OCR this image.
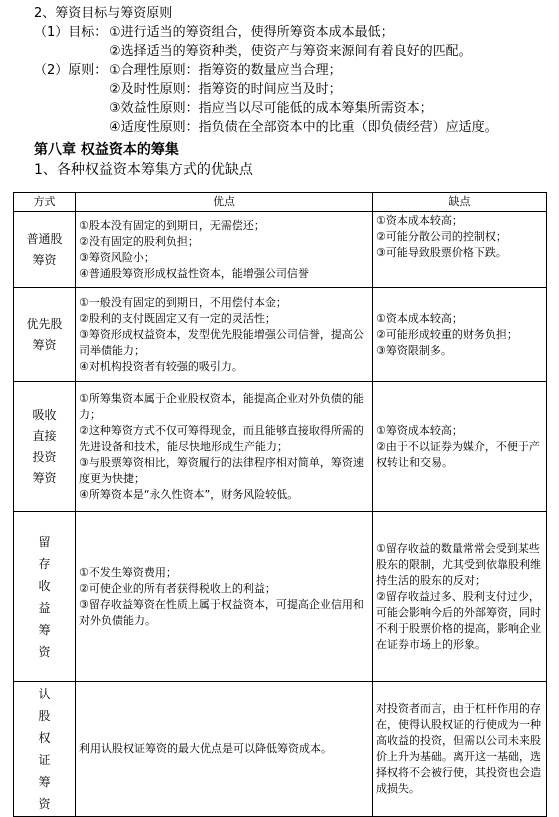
2、筹资目标与筹资原则
（1）目标： ①进行适当的筹资组合，使得所筹资本成本最低；
②选择适当的筹资种类，使资产与筹资来源间有着良好的匹配。
（2）原则： ①合理性原则：指筹资的数量应当合理；
②及时性原则：指筹资的时间应当及时；
③效益性原则：指应当以尽可能低的成本筹集所需资本；
④适度性原则：指负债在全部资本中的比重（即负债经营）应适度。
第八章 权益资本的筹集
1、各种权益资本筹集方式的优缺点
方式	优点	缺点

普通股筹资	①股本没有固定的到期日，无需偿还；
②没有固定的股利负担；
③筹资风险小；
④普通股筹资形成权益性资本，能增强公司信誉	①资本成本较高；
②可能分散公司的控制权；
③可能导致股票价格下跌。

优先股筹资	①一般没有固定的到期日，不用偿付本金；
②股利的支付既固定又有一定的灵活性；
③筹资形成权益资本，发型优先股能增强公司信誉，提高公司举债能力；
④对机构投资者有较强的吸引力。	①资本成本较高；
②可能形成较重的财务负担；
③筹资限制多。

吸收直接投资筹资	①所筹集资本属于企业股权资本，能提高企业对外负债的能力；
②这种筹资方式不仅可筹得现金，而且能够直接取得所需的先进设备和技术，能尽快地形成生产能力；
③与股票筹资相比，筹资履行的法律程序相对简单，筹资速度更为快捷；
④所筹资本是“永久性资本”，财务风险较低。	①筹资成本较高；
②由于不以证券为媒介，不便于产权转让和交易。

留存收益筹资	①不发生筹资费用；
②可使企业的所有者获得税收上的利益；
③留存收益筹资在性质上属于权益资本，可提高企业信用和对外负债能力。	①留存收益的数量常常会受到某些股东的限制，尤其受到依靠股利维持生活的股东的反对；
②留存收益过多、股利支付过少，可能会影响今后的外部筹资，同时不利于股票价格的提高，影响企业在证券市场上的形象。

认股权证筹资	利用认股权证筹资的最大优点是可以降低筹资成本。	对投资者而言，由于杠杆作用的存在，使得认股权证的行使成为一种高收益的投资，但需以公司未来股价上升为基础。离开这一基础，选择权将不会被行使，其投资也会造成损失。
